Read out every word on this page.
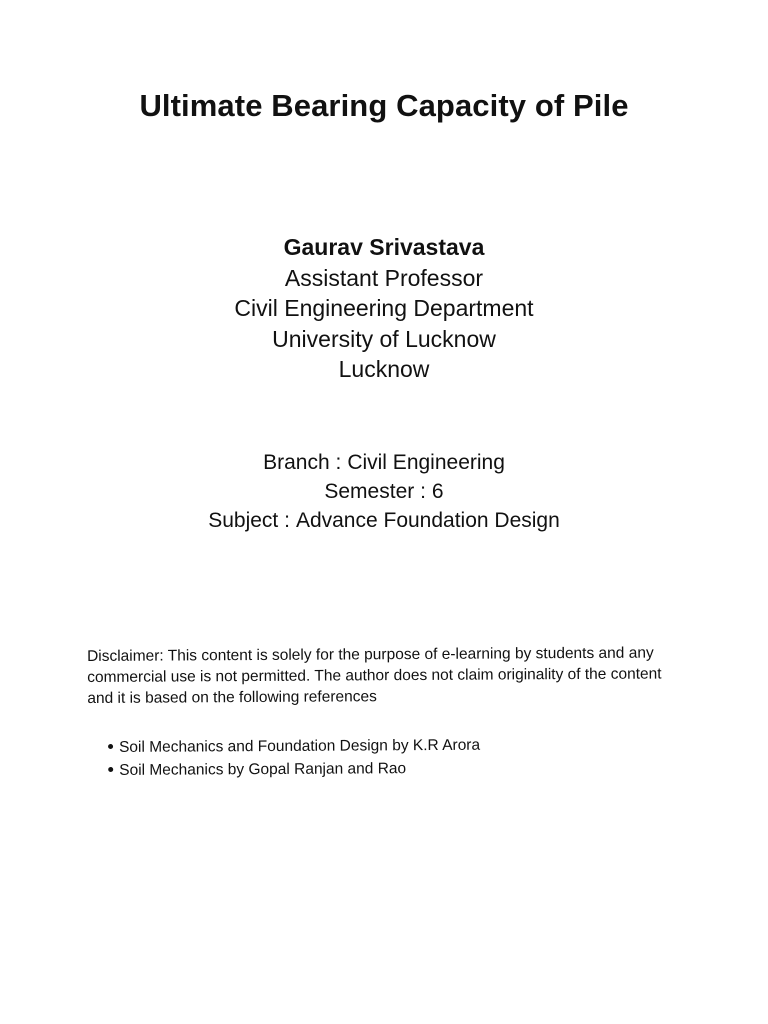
Ultimate Bearing Capacity of Pile
Gaurav Srivastava
Assistant Professor
Civil Engineering Department
University of Lucknow
Lucknow
Branch : Civil Engineering
Semester : 6
Subject : Advance Foundation Design

Disclaimer: This content is solely for the purpose of e-learning by students and any commercial use is not permitted. The author does not claim originality of the content and it is based on the following references

Soil Mechanics and Foundation Design by K.R Arora
Soil Mechanics by Gopal Ranjan and Rao
